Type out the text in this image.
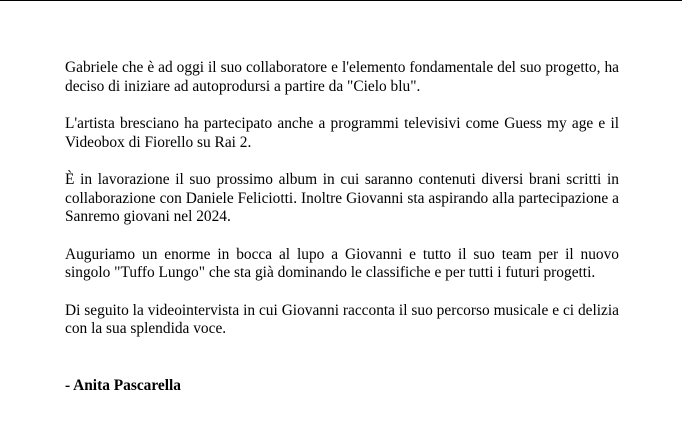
Gabriele che è ad oggi il suo collaboratore e l'elemento fondamentale del suo progetto, ha deciso di iniziare ad autoprodursi a partire da "Cielo blu".

L'artista bresciano ha partecipato anche a programmi televisivi come Guess my age e il Videobox di Fiorello su Rai 2.

È in lavorazione il suo prossimo album in cui saranno contenuti diversi brani scritti in collaborazione con Daniele Feliciotti. Inoltre Giovanni sta aspirando alla partecipazione a Sanremo giovani nel 2024.

Auguriamo un enorme in bocca al lupo a Giovanni e tutto il suo team per il nuovo singolo "Tuffo Lungo" che sta già dominando le classifiche e per tutti i futuri progetti.

Di seguito la videointervista in cui Giovanni racconta il suo percorso musicale e ci delizia con la sua splendida voce.

- Anita Pascarella
